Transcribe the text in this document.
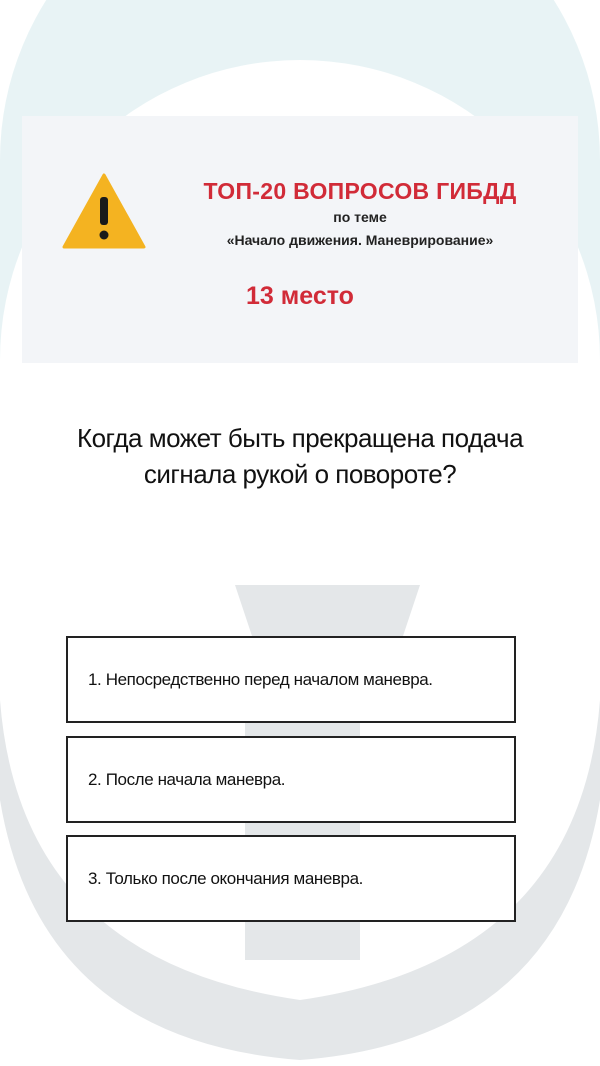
ТОП-20 ВОПРОСОВ ГИБДД
по теме
«Начало движения. Маневрирование»
13 место
Когда может быть прекращена подача сигнала рукой о повороте?
1. Непосредственно перед началом маневра.
2. После начала маневра.
3. Только после окончания маневра.
